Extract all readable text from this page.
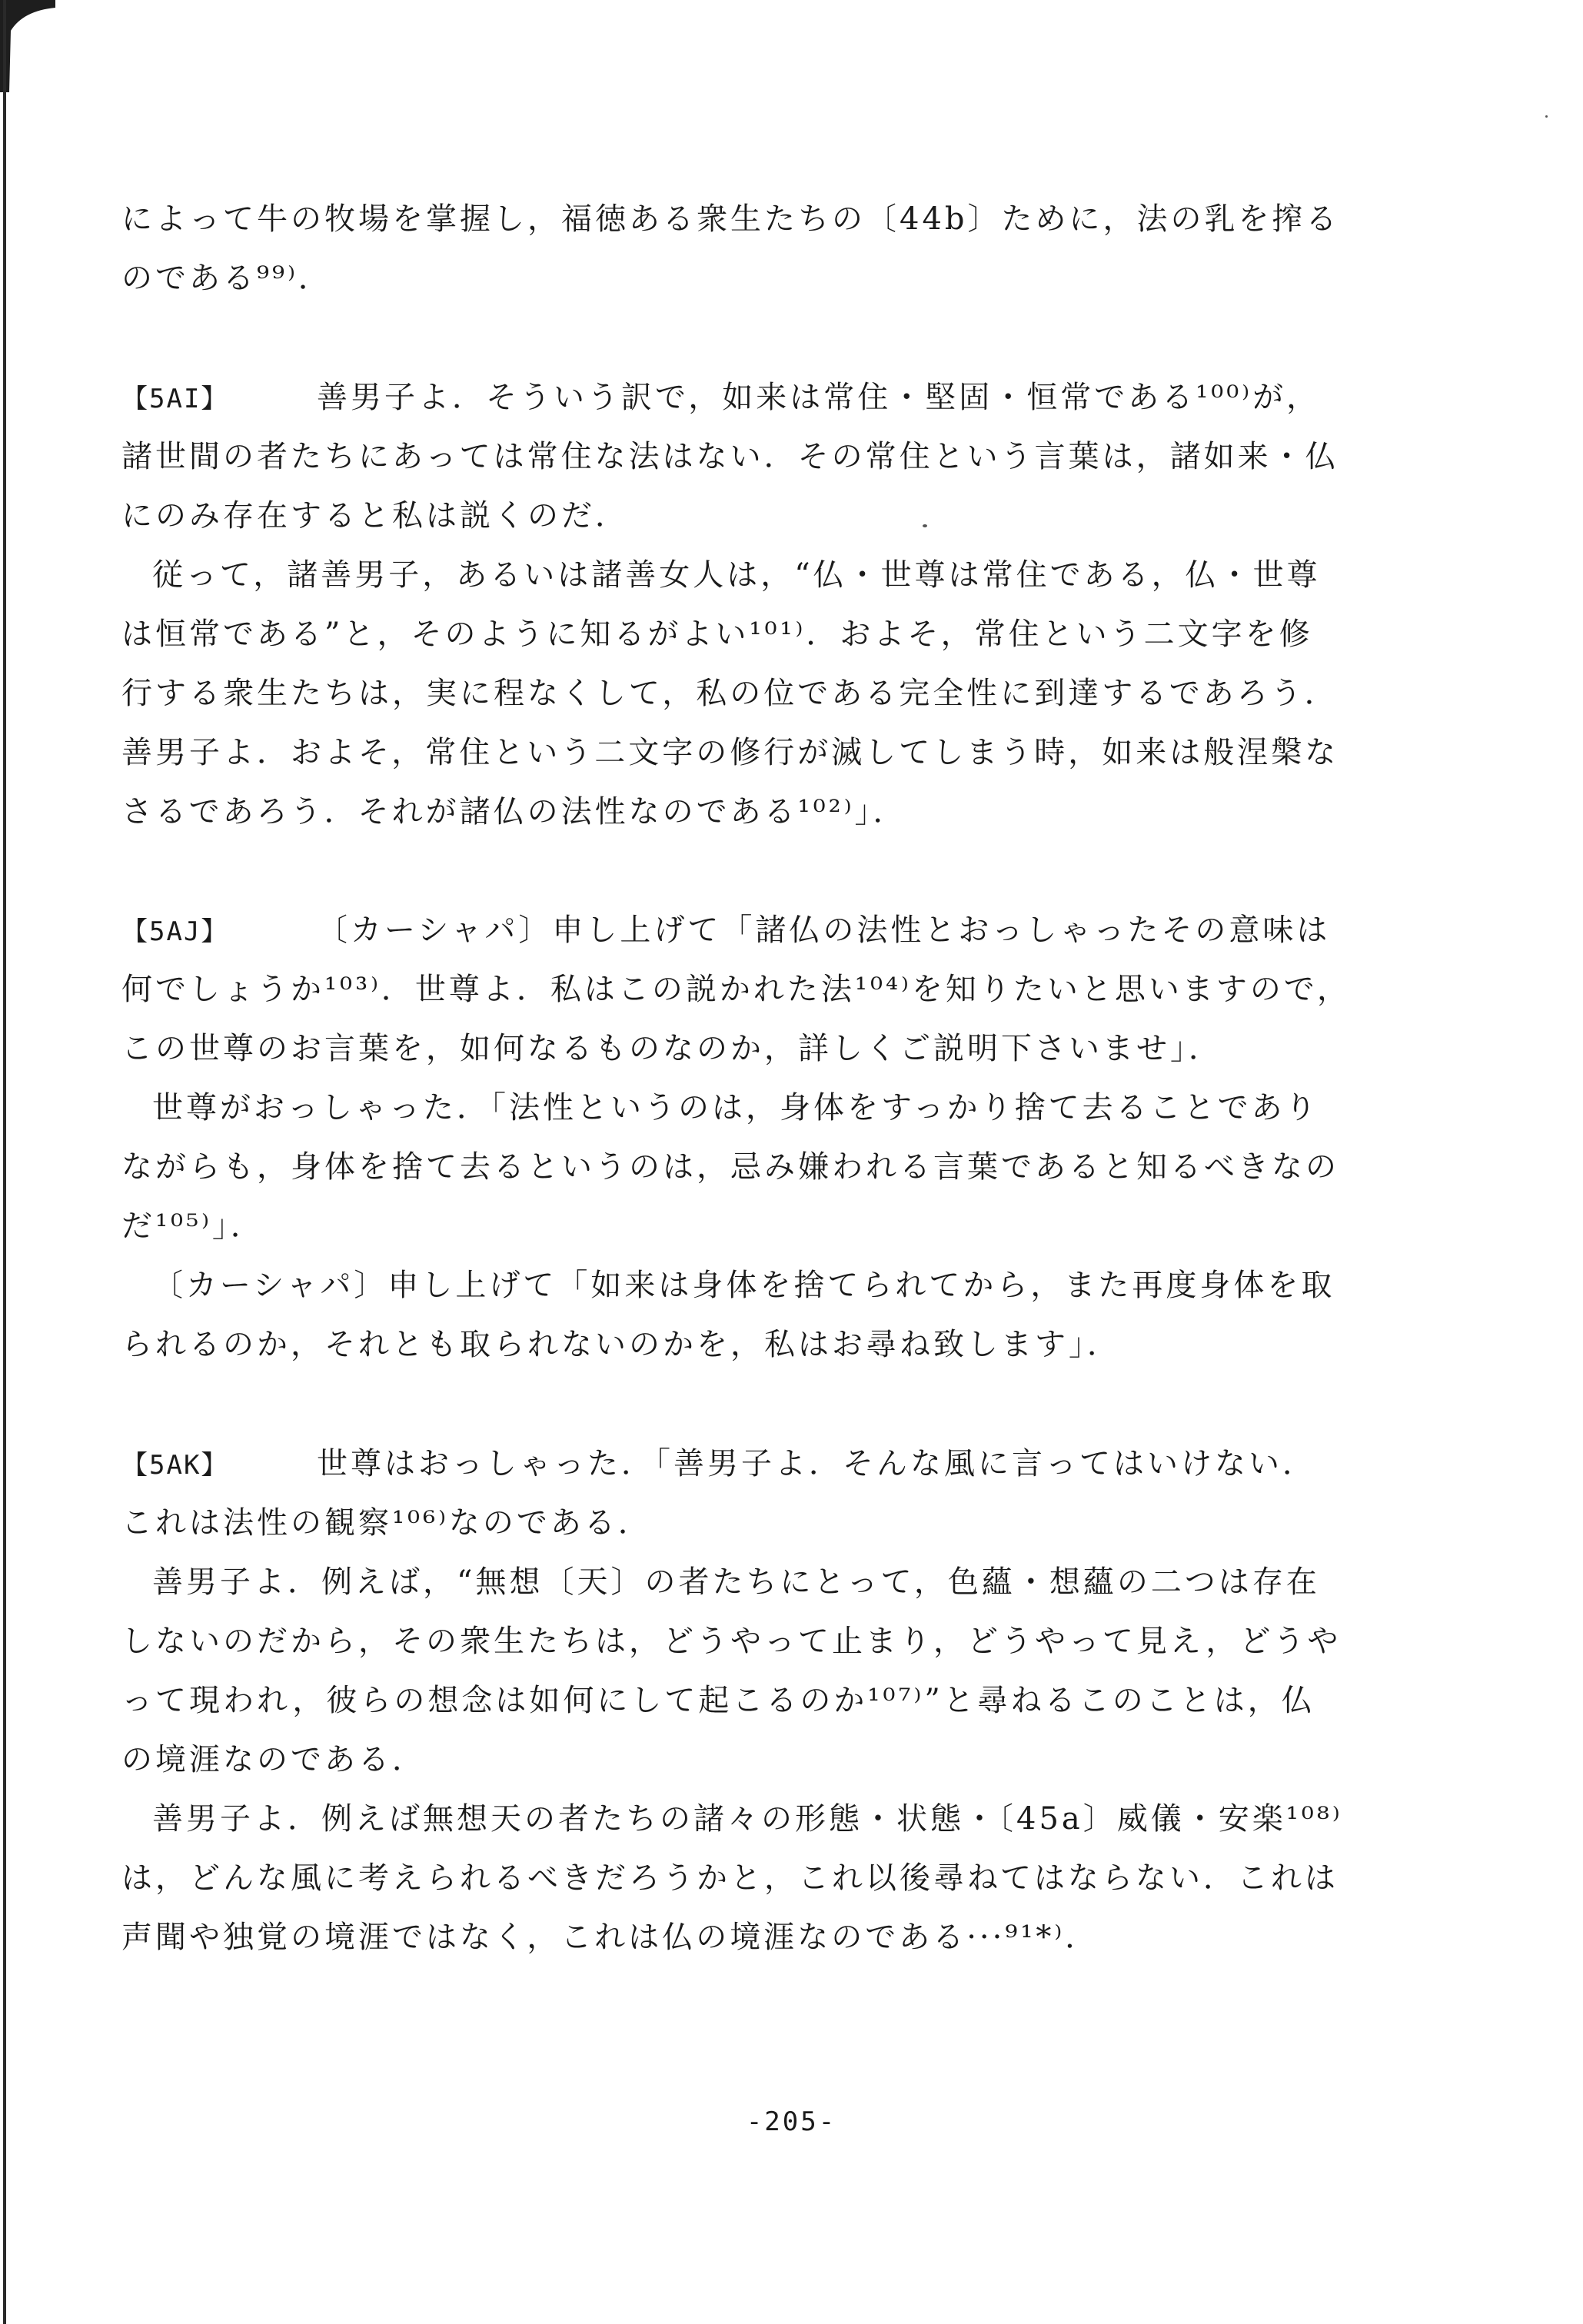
によって牛の牧場を掌握し，福徳ある衆生たちの〔44b〕ために，法の乳を搾る

のである⁹⁹⁾．

【5AI】	善男子よ．そういう訳で，如来は常住・堅固・恒常である¹⁰⁰⁾が，

諸世間の者たちにあっては常住な法はない．その常住という言葉は，諸如来・仏

にのみ存在すると私は説くのだ．

従って，諸善男子，あるいは諸善女人は，“仏・世尊は常住である，仏・世尊

は恒常である”と，そのように知るがよい¹⁰¹⁾．およそ，常住という二文字を修

行する衆生たちは，実に程なくして，私の位である完全性に到達するであろう．

善男子よ．およそ，常住という二文字の修行が滅してしまう時，如来は般涅槃な

さるであろう．それが諸仏の法性なのである¹⁰²⁾」．

【5AJ】	〔カーシャパ〕申し上げて「諸仏の法性とおっしゃったその意味は

何でしょうか¹⁰³⁾．世尊よ．私はこの説かれた法¹⁰⁴⁾を知りたいと思いますので，

この世尊のお言葉を，如何なるものなのか，詳しくご説明下さいませ」．

世尊がおっしゃった．「法性というのは，身体をすっかり捨て去ることであり

ながらも，身体を捨て去るというのは，忌み嫌われる言葉であると知るべきなの

だ¹⁰⁵⁾」．

〔カーシャパ〕申し上げて「如来は身体を捨てられてから，また再度身体を取

られるのか，それとも取られないのかを，私はお尋ね致します」．

【5AK】	世尊はおっしゃった．「善男子よ．そんな風に言ってはいけない．

これは法性の観察¹⁰⁶⁾なのである．

善男子よ．例えば，“無想〔天〕の者たちにとって，色蘊・想蘊の二つは存在

しないのだから，その衆生たちは，どうやって止まり，どうやって見え，どうや

って現われ，彼らの想念は如何にして起こるのか¹⁰⁷⁾”と尋ねるこのことは，仏

の境涯なのである．

善男子よ．例えば無想天の者たちの諸々の形態・状態・〔45a〕威儀・安楽¹⁰⁸⁾

は，どんな風に考えられるべきだろうかと，これ以後尋ねてはならない．これは

声聞や独覚の境涯ではなく，これは仏の境涯なのである···⁹¹*⁾．

-205-
